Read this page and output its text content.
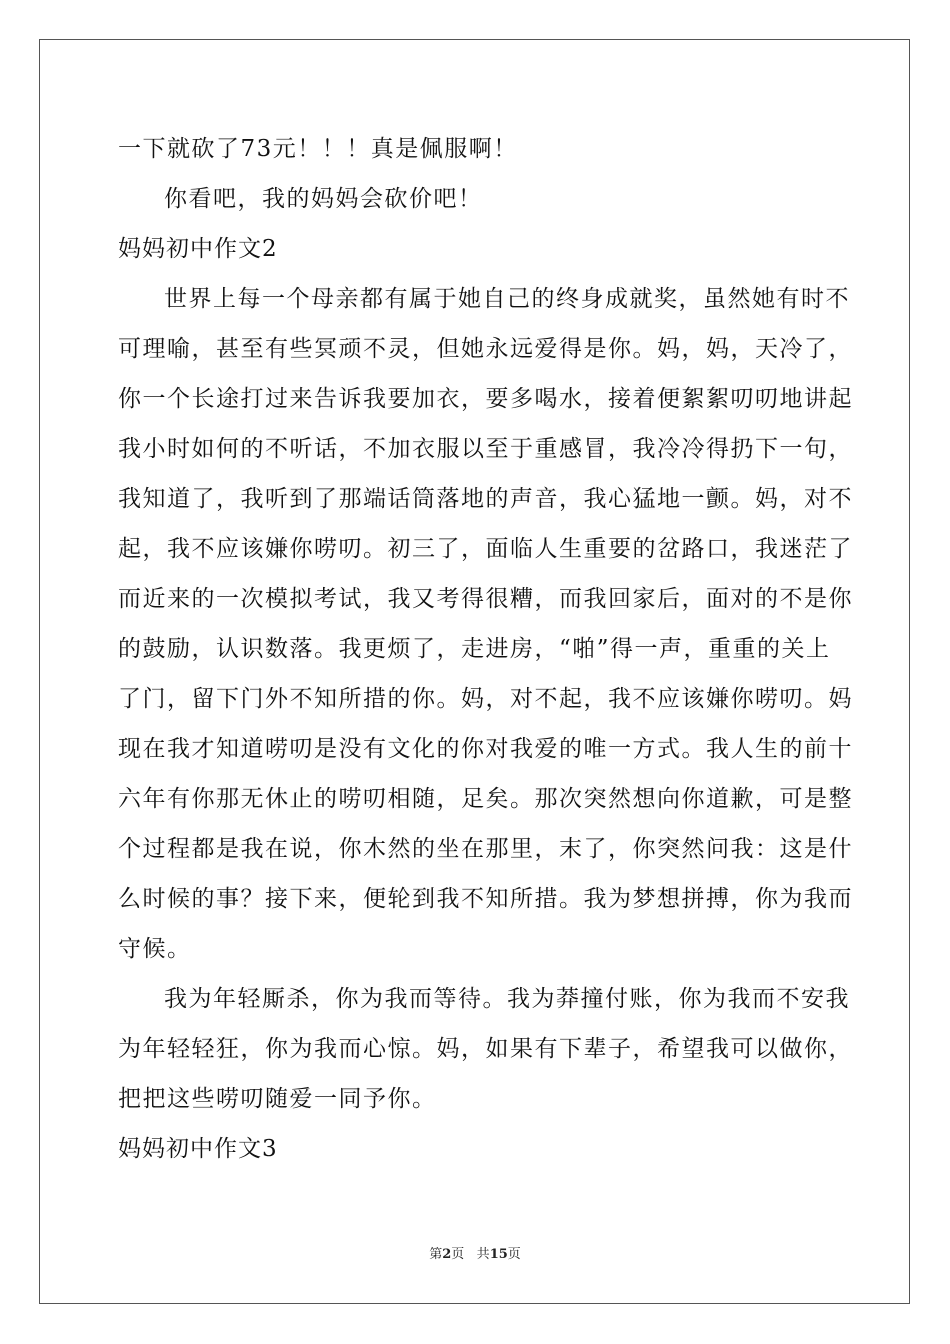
一下就砍了73元！！！真是佩服啊！
你看吧，我的妈妈会砍价吧！
妈妈初中作文2
世界上每一个母亲都有属于她自己的终身成就奖，虽然她有时不
可理喻，甚至有些冥顽不灵，但她永远爱得是你。妈，妈，天冷了，
你一个长途打过来告诉我要加衣，要多喝水，接着便絮絮叨叨地讲起
我小时如何的不听话，不加衣服以至于重感冒，我冷冷得扔下一句，
我知道了，我听到了那端话筒落地的声音，我心猛地一颤。妈，对不
起，我不应该嫌你唠叨。初三了，面临人生重要的岔路口，我迷茫了
而近来的一次模拟考试，我又考得很糟，而我回家后，面对的不是你
的鼓励，认识数落。我更烦了，走进房，“啪”得一声，重重的关上
了门，留下门外不知所措的你。妈，对不起，我不应该嫌你唠叨。妈
现在我才知道唠叨是没有文化的你对我爱的唯一方式。我人生的前十
六年有你那无休止的唠叨相随，足矣。那次突然想向你道歉，可是整
个过程都是我在说，你木然的坐在那里，末了，你突然问我：这是什
么时候的事？接下来，便轮到我不知所措。我为梦想拼搏，你为我而
守候。
我为年轻厮杀，你为我而等待。我为莽撞付账，你为我而不安我
为年轻轻狂，你为我而心惊。妈，如果有下辈子，希望我可以做你，
把把这些唠叨随爱一同予你。
妈妈初中作文3
第2页 共15页
